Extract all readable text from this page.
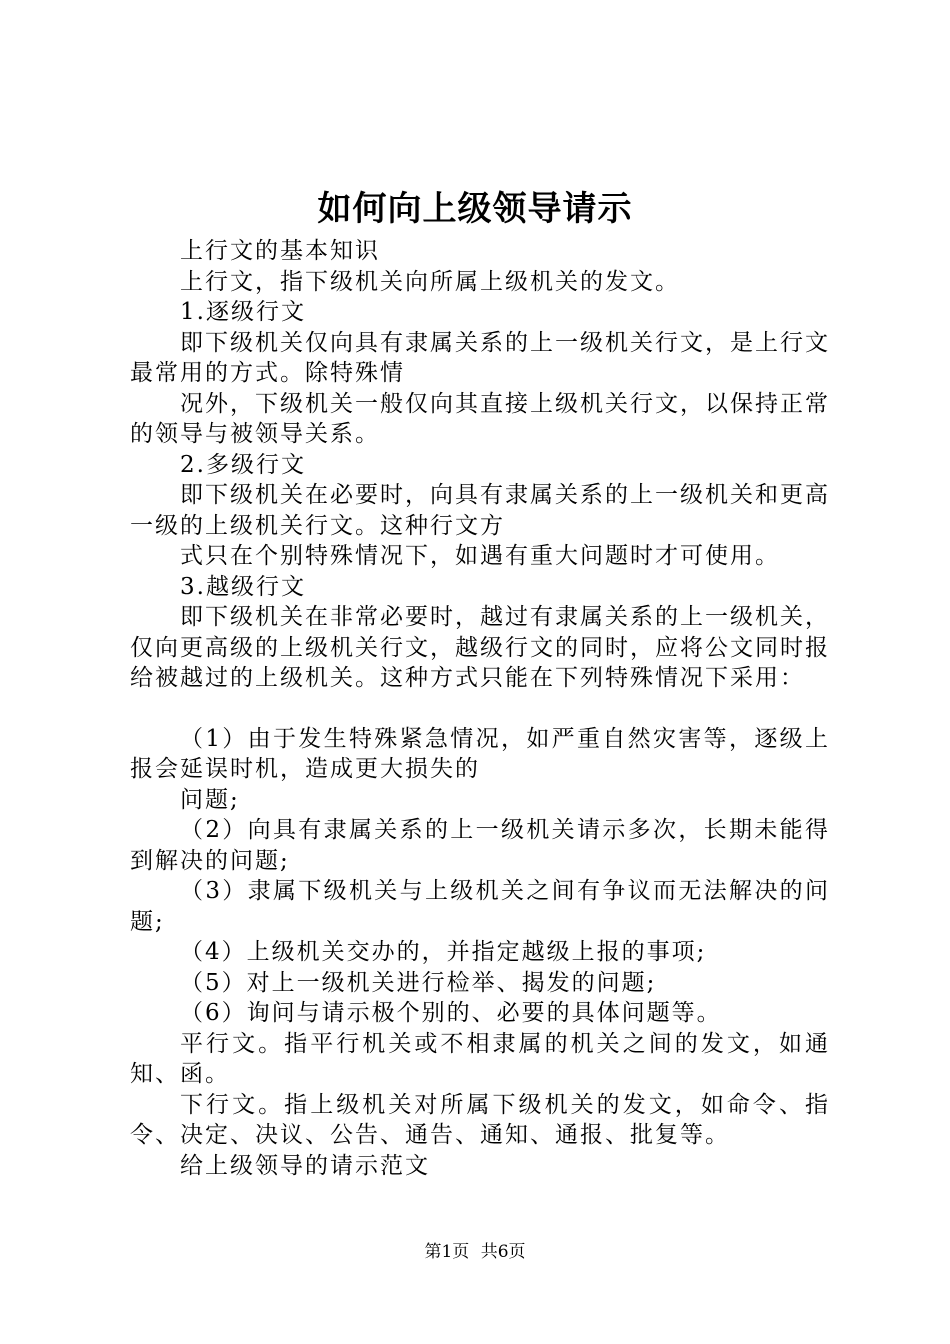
如何向上级领导请示

上行文的基本知识

上行文，指下级机关向所属上级机关的发文。

1.逐级行文

即下级机关仅向具有隶属关系的上一级机关行文，是上行文最常用的方式。除特殊情

况外，下级机关一般仅向其直接上级机关行文，以保持正常的领导与被领导关系。

2.多级行文

即下级机关在必要时，向具有隶属关系的上一级机关和更高一级的上级机关行文。这种行文方

式只在个别特殊情况下，如遇有重大问题时才可使用。

3.越级行文

即下级机关在非常必要时，越过有隶属关系的上一级机关，仅向更高级的上级机关行文，越级行文的同时，应将公文同时报给被越过的上级机关。这种方式只能在下列特殊情况下采用：

（1）由于发生特殊紧急情况，如严重自然灾害等，逐级上报会延误时机，造成更大损失的

问题;

（2）向具有隶属关系的上一级机关请示多次，长期未能得到解决的问题;

（3）隶属下级机关与上级机关之间有争议而无法解决的问题;

（4）上级机关交办的，并指定越级上报的事项;

（5）对上一级机关进行检举、揭发的问题;

（6）询问与请示极个别的、必要的具体问题等。

平行文。指平行机关或不相隶属的机关之间的发文，如通知、函。

下行文。指上级机关对所属下级机关的发文，如命令、指令、决定、决议、公告、通告、通知、通报、批复等。

给上级领导的请示范文

第1页 共6页
